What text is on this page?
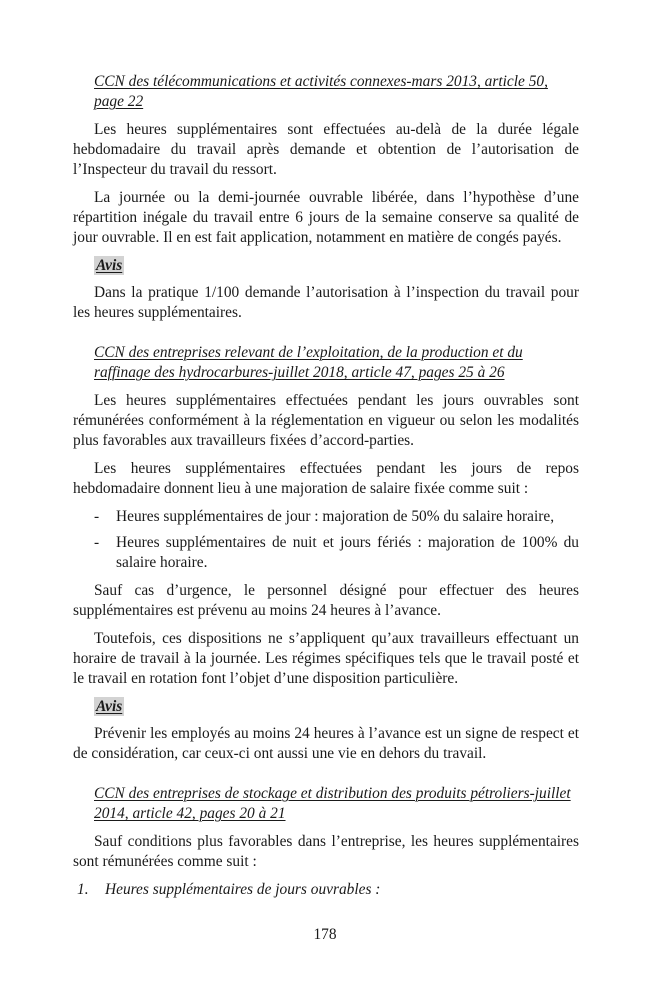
CCN des télécommunications et activités connexes-mars 2013, article 50, page 22

Les heures supplémentaires sont effectuées au-delà de la durée légale hebdomadaire du travail après demande et obtention de l’autorisation de l’Inspecteur du travail du ressort.

La journée ou la demi-journée ouvrable libérée, dans l’hypothèse d’une répartition inégale du travail entre 6 jours de la semaine conserve sa qualité de jour ouvrable. Il en est fait application, notamment en matière de congés payés.

Avis

Dans la pratique 1/100 demande l’autorisation à l’inspection du travail pour les heures supplémentaires.

CCN des entreprises relevant de l’exploitation, de la production et du raffinage des hydrocarbures-juillet 2018, article 47, pages 25 à 26

Les heures supplémentaires effectuées pendant les jours ouvrables sont rémunérées conformément à la réglementation en vigueur ou selon les modalités plus favorables aux travailleurs fixées d’accord-parties.

Les heures supplémentaires effectuées pendant les jours de repos hebdomadaire donnent lieu à une majoration de salaire fixée comme suit :

- Heures supplémentaires de jour : majoration de 50% du salaire horaire,
- Heures supplémentaires de nuit et jours fériés : majoration de 100% du salaire horaire.

Sauf cas d’urgence, le personnel désigné pour effectuer des heures supplémentaires est prévenu au moins 24 heures à l’avance.

Toutefois, ces dispositions ne s’appliquent qu’aux travailleurs effectuant un horaire de travail à la journée. Les régimes spécifiques tels que le travail posté et le travail en rotation font l’objet d’une disposition particulière.

Avis

Prévenir les employés au moins 24 heures à l’avance est un signe de respect et de considération, car ceux-ci ont aussi une vie en dehors du travail.

CCN des entreprises de stockage et distribution des produits pétroliers-juillet 2014, article 42, pages 20 à 21

Sauf conditions plus favorables dans l’entreprise, les heures supplémentaires sont rémunérées comme suit :

1. Heures supplémentaires de jours ouvrables :
178
